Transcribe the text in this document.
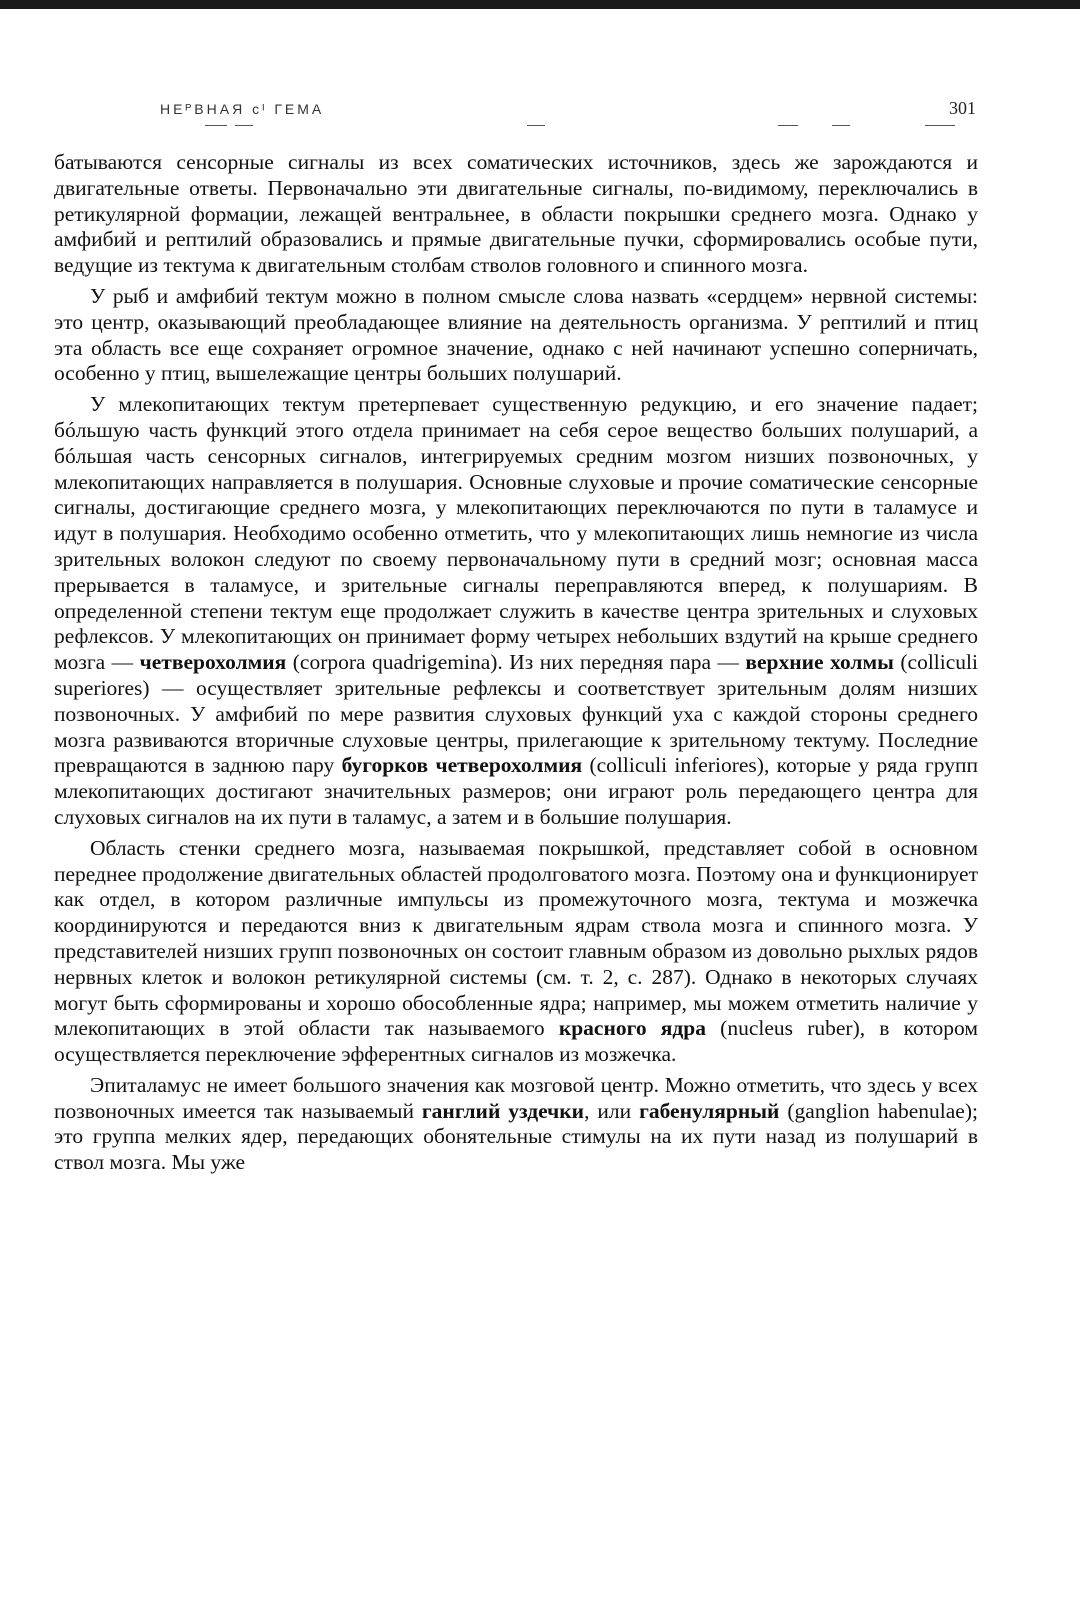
НЕᴾВНАЯ ᴄᴵ ГЕМА	301

батываются сенсорные сигналы из всех соматических источников, здесь же зарождаются и двигательные ответы. Первоначально эти двигательные сигналы, по-видимому, переключались в ретикулярной формации, лежащей вентральнее, в области покрышки среднего мозга. Однако у амфибий и рептилий образовались и прямые двигательные пучки, сформировались особые пути, ведущие из тектума к двигательным столбам стволов головного и спинного мозга.

У рыб и амфибий тектум можно в полном смысле слова назвать «сердцем» нервной системы: это центр, оказывающий преобладающее влияние на деятельность организма. У рептилий и птиц эта область все еще сохраняет огромное значение, однако с ней начинают успешно соперничать, особенно у птиц, вышележащие центры больших полушарий.

У млекопитающих тектум претерпевает существенную редукцию, и его значение падает; бóльшую часть функций этого отдела принимает на себя серое вещество больших полушарий, а бóльшая часть сенсорных сигналов, интегрируемых средним мозгом низших позвоночных, у млекопитающих направляется в полушария. Основные слуховые и прочие соматические сенсорные сигналы, достигающие среднего мозга, у млекопитающих переключаются по пути в таламусе и идут в полушария. Необходимо особенно отметить, что у млекопитающих лишь немногие из числа зрительных волокон следуют по своему первоначальному пути в средний мозг; основная масса прерывается в таламусе, и зрительные сигналы переправляются вперед, к полушариям. В определенной степени тектум еще продолжает служить в качестве центра зрительных и слуховых рефлексов. У млекопитающих он принимает форму четырех небольших вздутий на крыше среднего мозга — четверохолмия (corpora quadrigemina). Из них передняя пара — верхние холмы (colliculi superiores) — осуществляет зрительные рефлексы и соответствует зрительным долям низших позвоночных. У амфибий по мере развития слуховых функций уха с каждой стороны среднего мозга развиваются вторичные слуховые центры, прилегающие к зрительному тектуму. Последние превращаются в заднюю пару бугорков четверохолмия (colliculi inferiores), которые у ряда групп млекопитающих достигают значительных размеров; они играют роль передающего центра для слуховых сигналов на их пути в таламус, а затем и в большие полушария.

Область стенки среднего мозга, называемая покрышкой, представляет собой в основном переднее продолжение двигательных областей продолговатого мозга. Поэтому она и функционирует как отдел, в котором различные импульсы из промежуточного мозга, тектума и мозжечка координируются и передаются вниз к двигательным ядрам ствола мозга и спинного мозга. У представителей низших групп позвоночных он состоит главным образом из довольно рыхлых рядов нервных клеток и волокон ретикулярной системы (см. т. 2, с. 287). Однако в некоторых случаях могут быть сформированы и хорошо обособленные ядра; например, мы можем отметить наличие у млекопитающих в этой области так называемого красного ядра (nucleus ruber), в котором осуществляется переключение эфферентных сигналов из мозжечка.

Эпиталамус не имеет большого значения как мозговой центр. Можно отметить, что здесь у всех позвоночных имеется так называемый ганглий уздечки, или габенулярный (ganglion habenulae); это группа мелких ядер, передающих обонятельные стимулы на их пути назад из полушарий в ствол мозга. Мы уже
